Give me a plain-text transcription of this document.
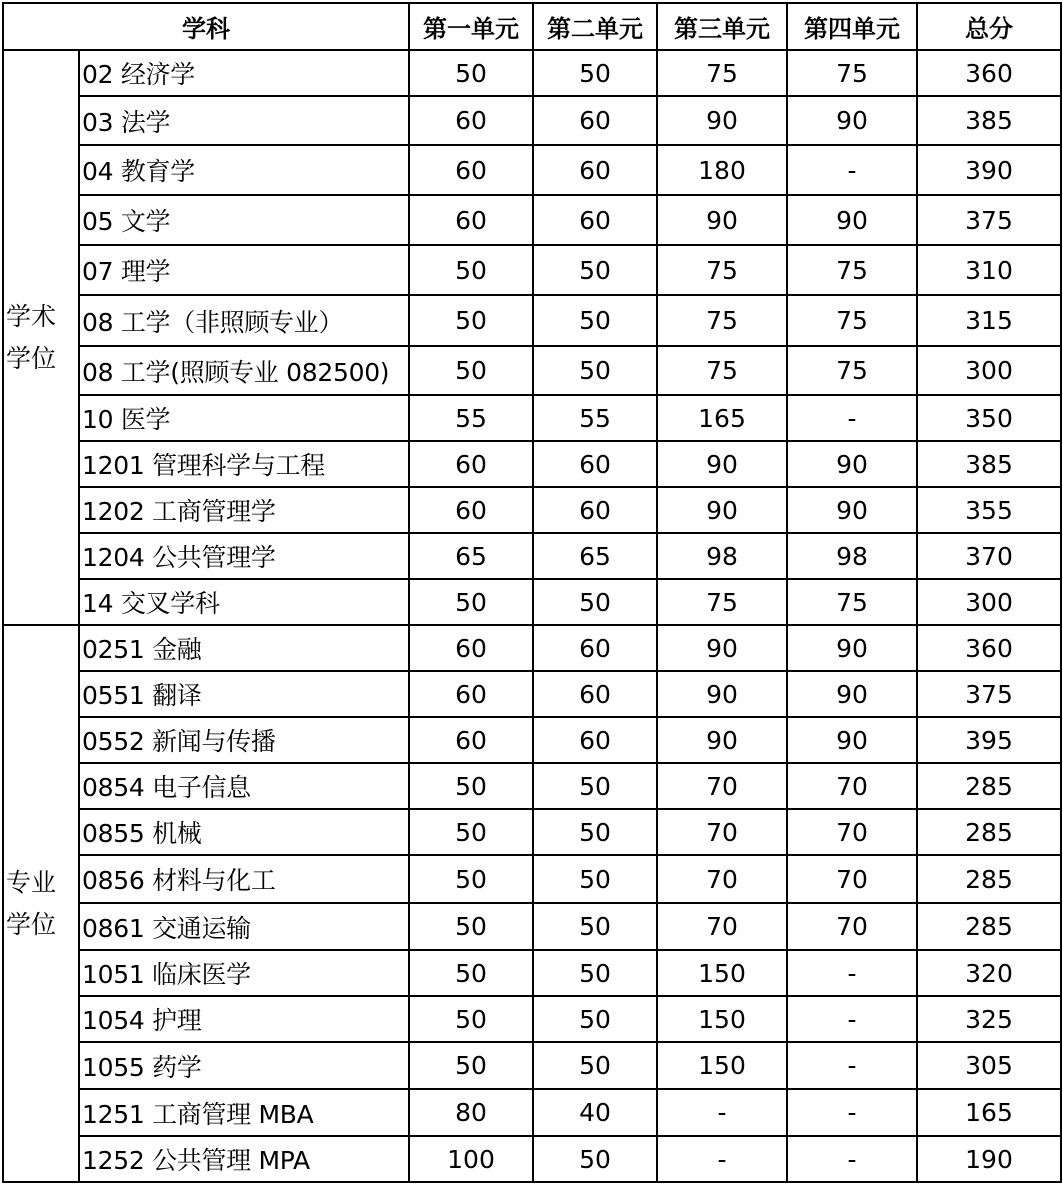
学科		第一单元	第二单元	第三单元	第四单元	总分
学术学位	02 经济学	50	50	75	75	360
	03 法学	60	60	90	90	385
	04 教育学	60	60	180	-	390
	05 文学	60	60	90	90	375
	07 理学	50	50	75	75	310
	08 工学（非照顾专业）	50	50	75	75	315
	08 工学(照顾专业 082500)	50	50	75	75	300
	10 医学	55	55	165	-	350
	1201 管理科学与工程	60	60	90	90	385
	1202 工商管理学	60	60	90	90	355
	1204 公共管理学	65	65	98	98	370
	14 交叉学科	50	50	75	75	300
专业学位	0251 金融	60	60	90	90	360
	0551 翻译	60	60	90	90	375
	0552 新闻与传播	60	60	90	90	395
	0854 电子信息	50	50	70	70	285
	0855 机械	50	50	70	70	285
	0856 材料与化工	50	50	70	70	285
	0861 交通运输	50	50	70	70	285
	1051 临床医学	50	50	150	-	320
	1054 护理	50	50	150	-	325
	1055 药学	50	50	150	-	305
	1251 工商管理 MBA	80	40	-	-	165
	1252 公共管理 MPA	100	50	-	-	190
